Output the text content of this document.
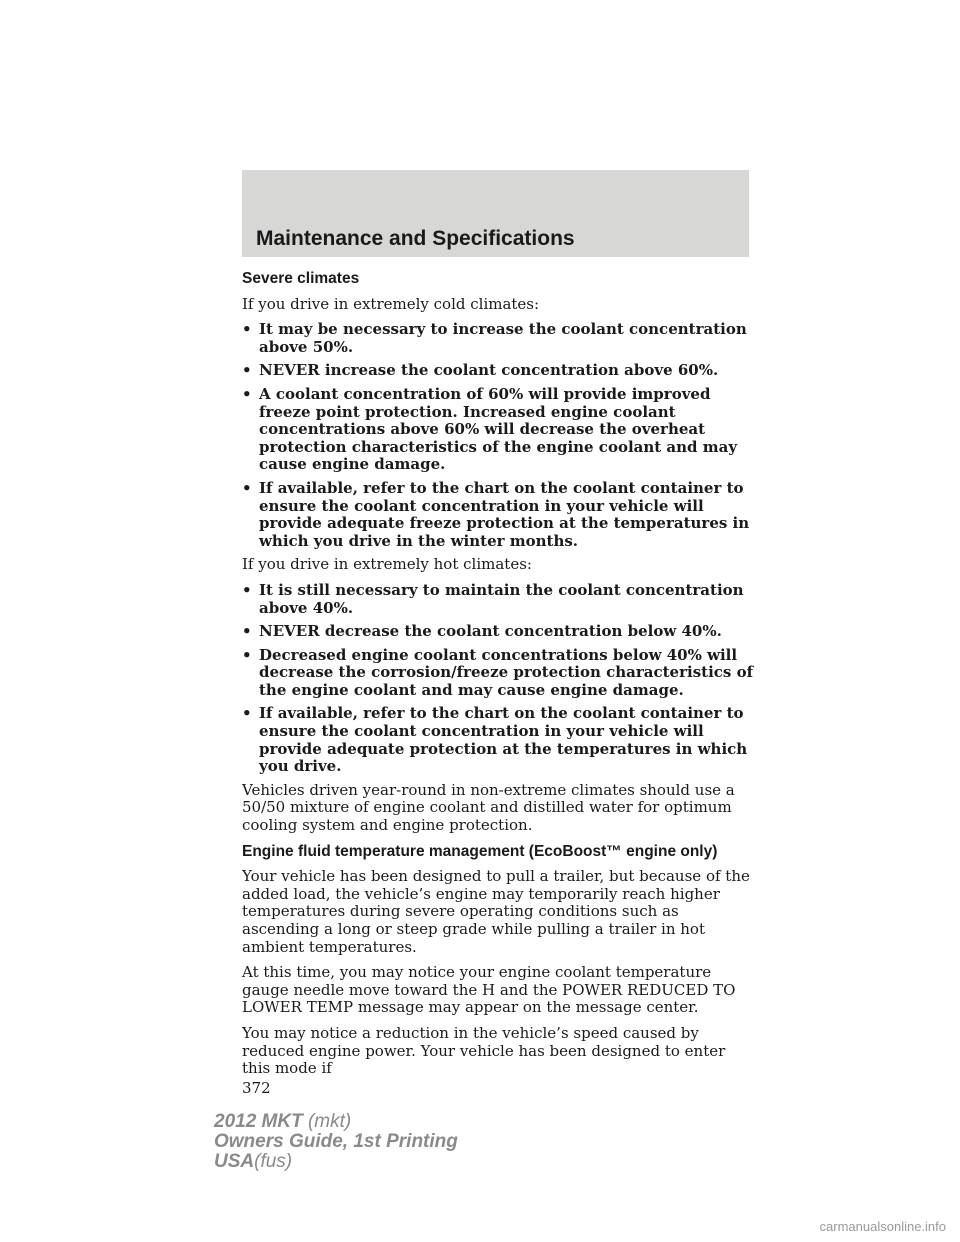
Maintenance and Specifications
Severe climates

If you drive in extremely cold climates:

• It may be necessary to increase the coolant concentration above 50%.
• NEVER increase the coolant concentration above 60%.
• A coolant concentration of 60% will provide improved freeze point protection. Increased engine coolant concentrations above 60% will decrease the overheat protection characteristics of the engine coolant and may cause engine damage.
• If available, refer to the chart on the coolant container to ensure the coolant concentration in your vehicle will provide adequate freeze protection at the temperatures in which you drive in the winter months.

If you drive in extremely hot climates:

• It is still necessary to maintain the coolant concentration above 40%.
• NEVER decrease the coolant concentration below 40%.
• Decreased engine coolant concentrations below 40% will decrease the corrosion/freeze protection characteristics of the engine coolant and may cause engine damage.
• If available, refer to the chart on the coolant container to ensure the coolant concentration in your vehicle will provide adequate protection at the temperatures in which you drive.

Vehicles driven year-round in non-extreme climates should use a 50/50 mixture of engine coolant and distilled water for optimum cooling system and engine protection.

Engine fluid temperature management (EcoBoost™ engine only)

Your vehicle has been designed to pull a trailer, but because of the added load, the vehicle’s engine may temporarily reach higher temperatures during severe operating conditions such as ascending a long or steep grade while pulling a trailer in hot ambient temperatures.

At this time, you may notice your engine coolant temperature gauge needle move toward the H and the POWER REDUCED TO LOWER TEMP message may appear on the message center.

You may notice a reduction in the vehicle’s speed caused by reduced engine power. Your vehicle has been designed to enter this mode if

372
2012 MKT (mkt)
Owners Guide, 1st Printing
USA(fus)
carmanualsonline.info
